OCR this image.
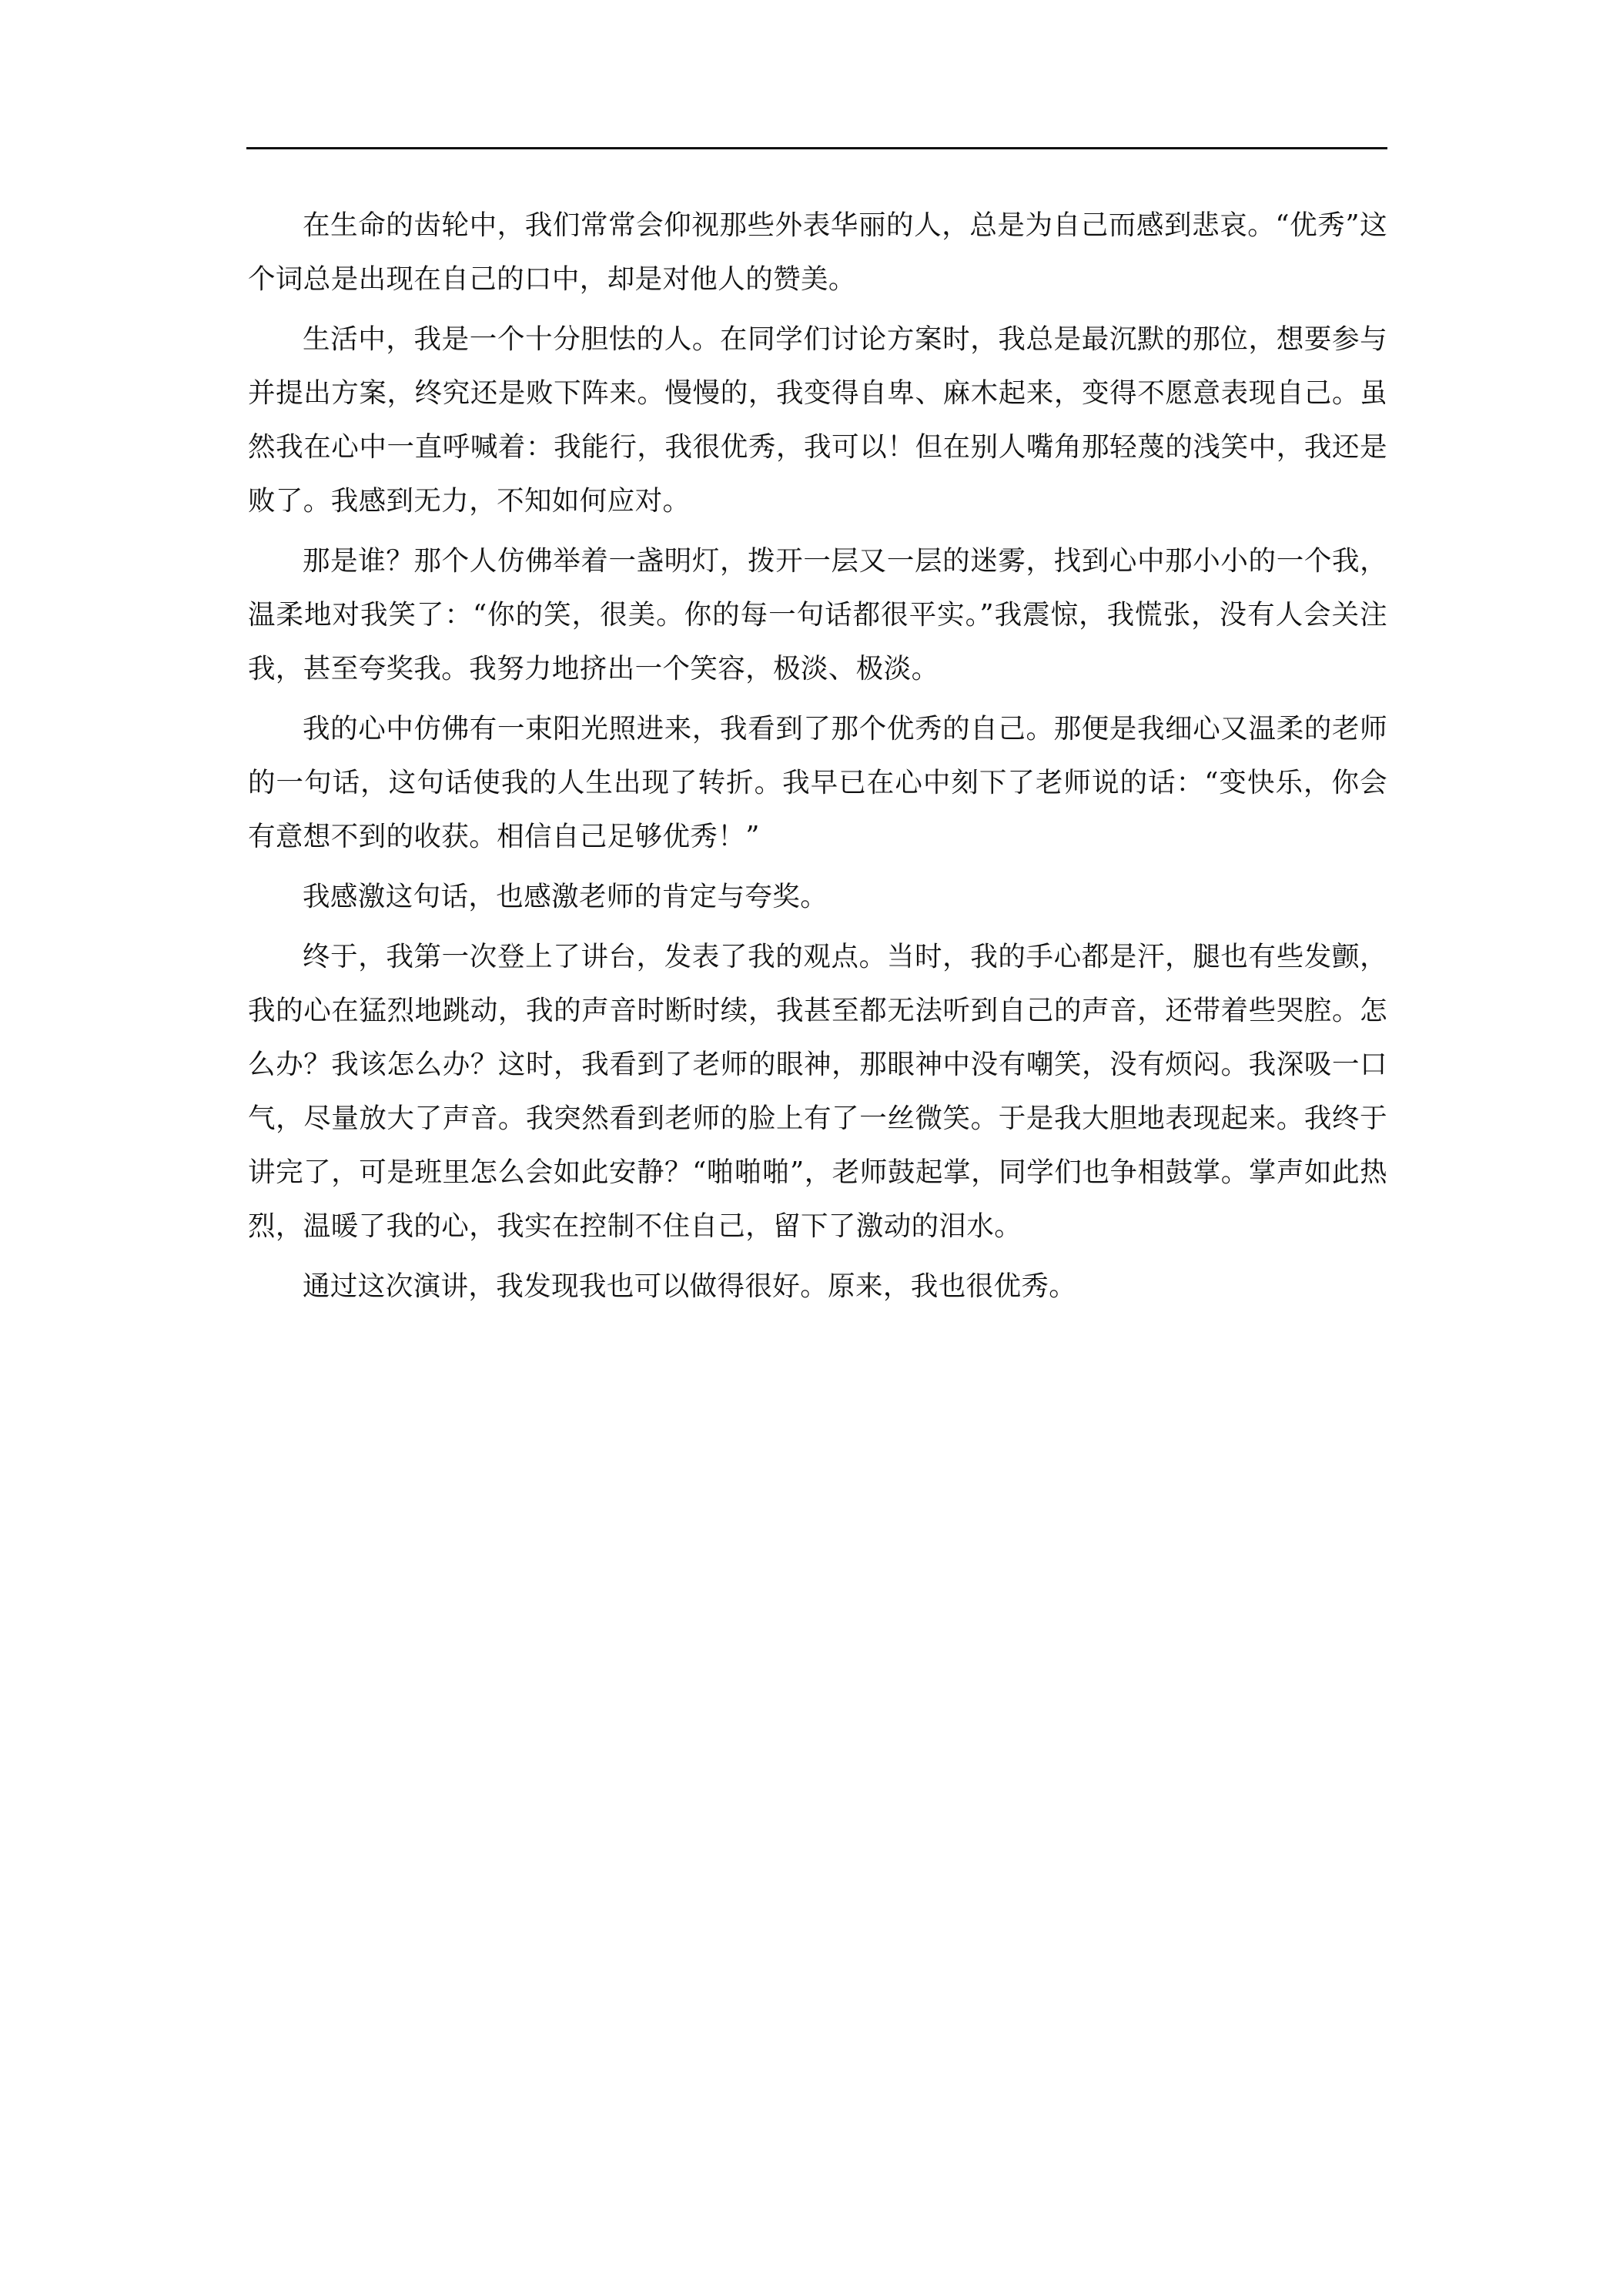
在生命的齿轮中，我们常常会仰视那些外表华丽的人，总是为自己而感到悲哀。“优秀”这个词总是出现在自己的口中，却是对他人的赞美。

生活中，我是一个十分胆怯的人。在同学们讨论方案时，我总是最沉默的那位，想要参与并提出方案，终究还是败下阵来。慢慢的，我变得自卑、麻木起来，变得不愿意表现自己。虽然我在心中一直呼喊着：我能行，我很优秀，我可以！但在别人嘴角那轻蔑的浅笑中，我还是败了。我感到无力，不知如何应对。

那是谁？那个人仿佛举着一盏明灯，拨开一层又一层的迷雾，找到心中那小小的一个我，温柔地对我笑了：“你的笑，很美。你的每一句话都很平实。”我震惊，我慌张，没有人会关注我，甚至夸奖我。我努力地挤出一个笑容，极淡、极淡。

我的心中仿佛有一束阳光照进来，我看到了那个优秀的自己。那便是我细心又温柔的老师的一句话，这句话使我的人生出现了转折。我早已在心中刻下了老师说的话：“变快乐，你会有意想不到的收获。相信自己足够优秀！”

我感激这句话，也感激老师的肯定与夸奖。

终于，我第一次登上了讲台，发表了我的观点。当时，我的手心都是汗，腿也有些发颤，我的心在猛烈地跳动，我的声音时断时续，我甚至都无法听到自己的声音，还带着些哭腔。怎么办？我该怎么办？这时，我看到了老师的眼神，那眼神中没有嘲笑，没有烦闷。我深吸一口气，尽量放大了声音。我突然看到老师的脸上有了一丝微笑。于是我大胆地表现起来。我终于讲完了，可是班里怎么会如此安静？“啪啪啪”，老师鼓起掌，同学们也争相鼓掌。掌声如此热烈，温暖了我的心，我实在控制不住自己，留下了激动的泪水。

通过这次演讲，我发现我也可以做得很好。原来，我也很优秀。
